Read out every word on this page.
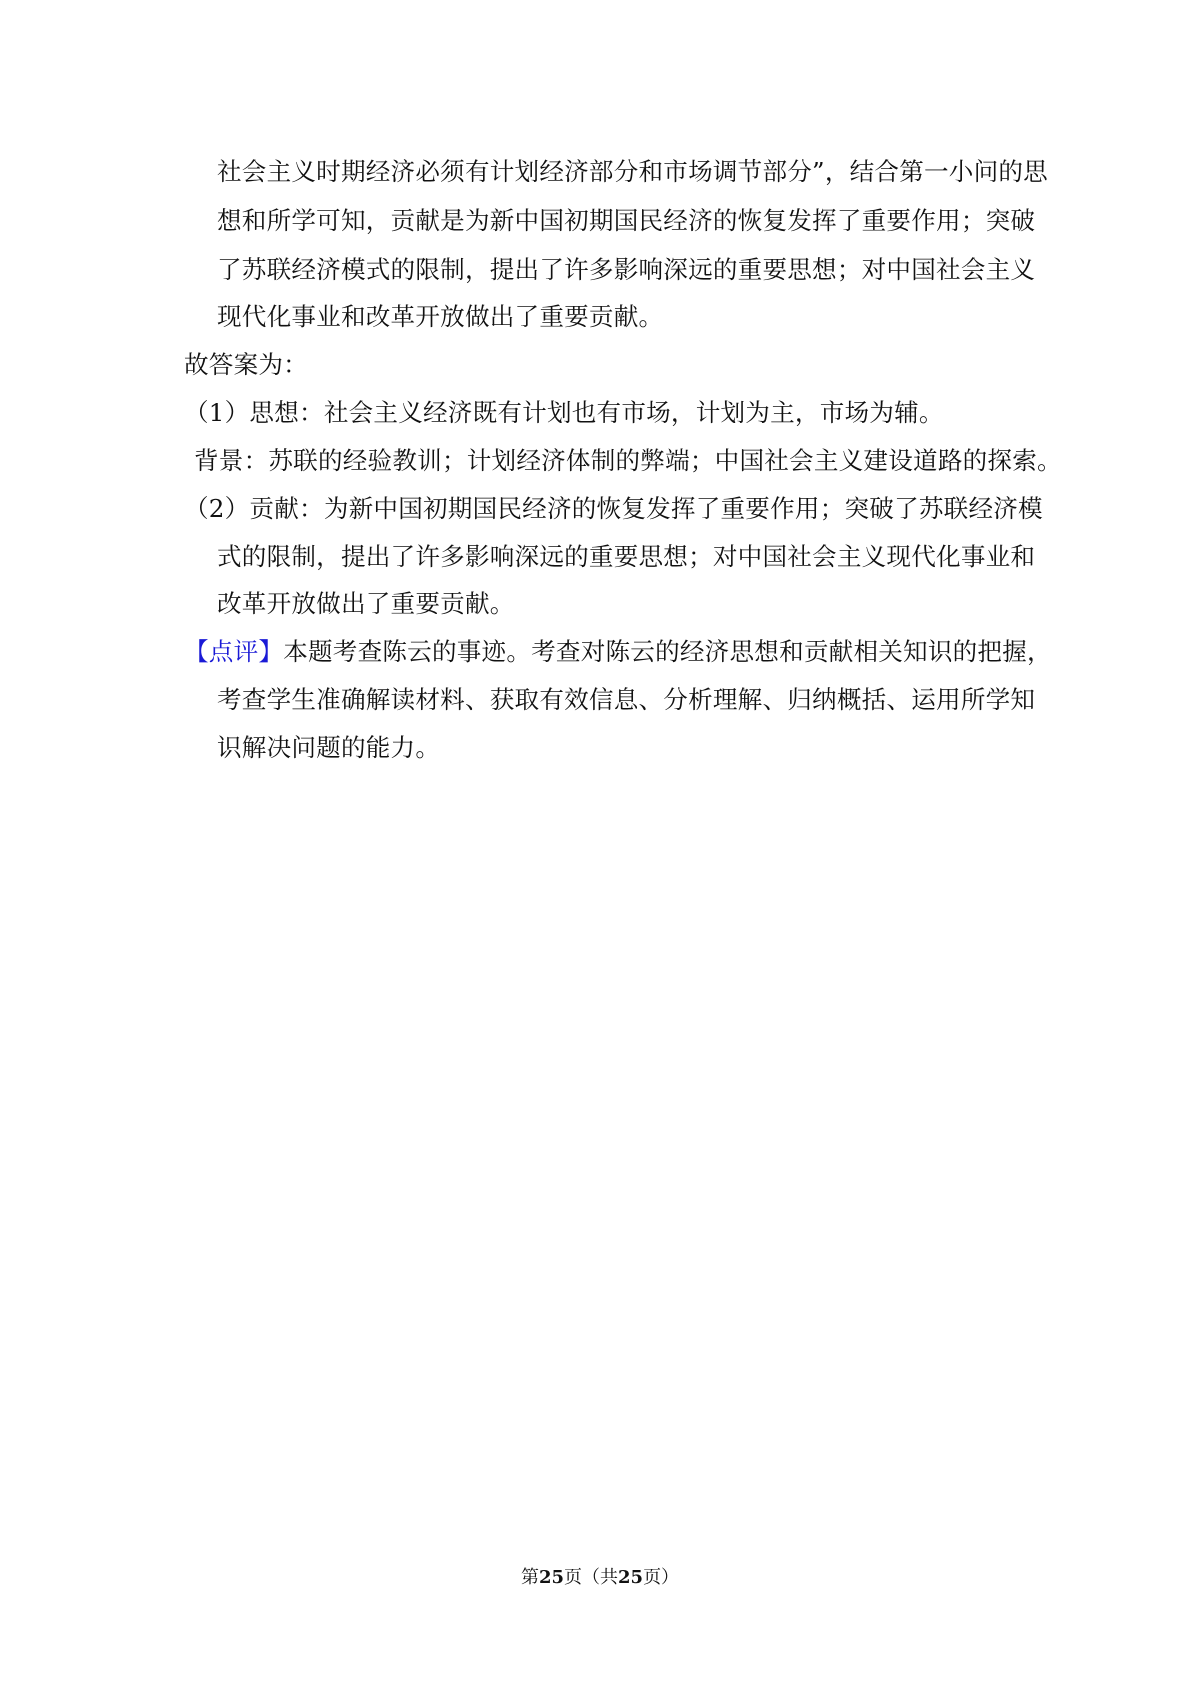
社会主义时期经济必须有计划经济部分和市场调节部分”，结合第一小问的思
想和所学可知，贡献是为新中国初期国民经济的恢复发挥了重要作用；突破
了苏联经济模式的限制，提出了许多影响深远的重要思想；对中国社会主义
现代化事业和改革开放做出了重要贡献。
故答案为：
（1）思想：社会主义经济既有计划也有市场，计划为主，市场为辅。
背景：苏联的经验教训；计划经济体制的弊端；中国社会主义建设道路的探索。
（2）贡献：为新中国初期国民经济的恢复发挥了重要作用；突破了苏联经济模
式的限制，提出了许多影响深远的重要思想；对中国社会主义现代化事业和
改革开放做出了重要贡献。
【点评】本题考查陈云的事迹。考查对陈云的经济思想和贡献相关知识的把握，
考查学生准确解读材料、获取有效信息、分析理解、归纳概括、运用所学知
识解决问题的能力。
第25页（共25页）
